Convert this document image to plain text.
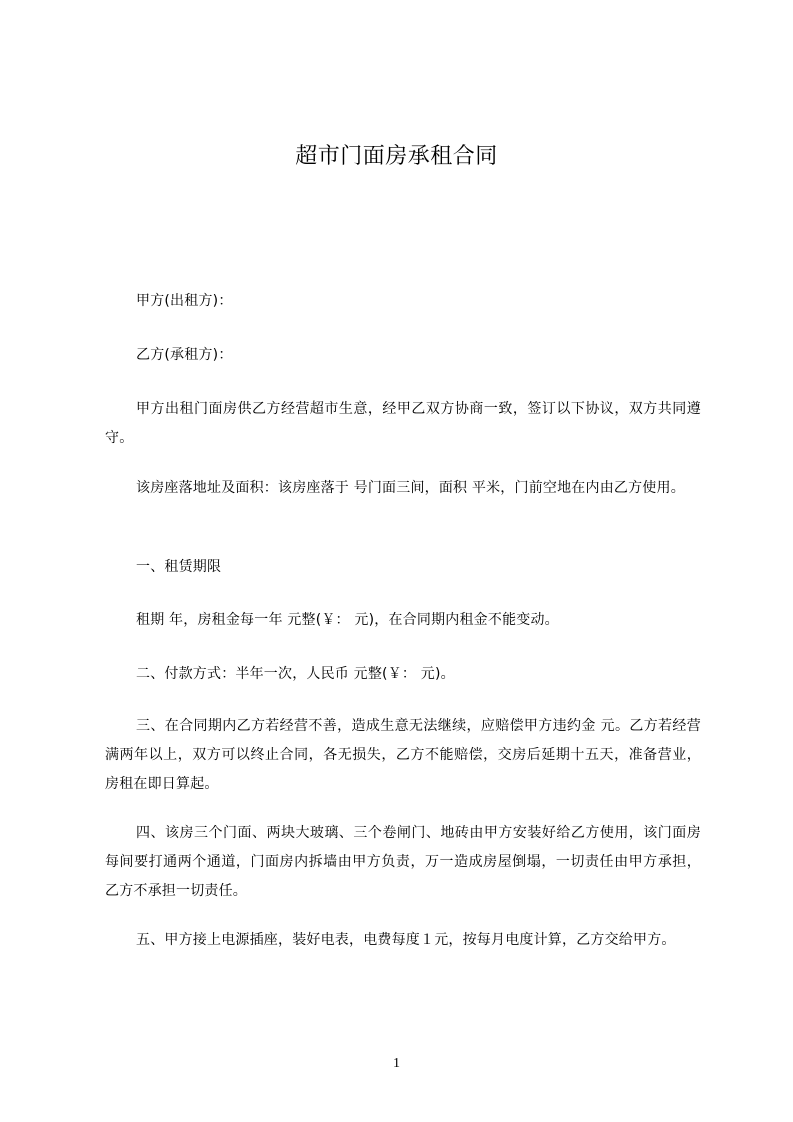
超市门面房承租合同
甲方(出租方)：
乙方(承租方)：
甲方出租门面房供乙方经营超市生意，经甲乙双方协商一致，签订以下协议，双方共同遵守。
该房座落地址及面积：该房座落于 号门面三间，面积 平米，门前空地在内由乙方使用。
一、租赁期限
租期 年，房租金每一年 元整(￥： 元)，在合同期内租金不能变动。
二、付款方式：半年一次，人民币 元整(￥： 元)。
三、在合同期内乙方若经营不善，造成生意无法继续，应赔偿甲方违约金 元。乙方若经营满两年以上，双方可以终止合同，各无损失，乙方不能赔偿，交房后延期十五天，准备营业，房租在即日算起。
四、该房三个门面、两块大玻璃、三个卷闸门、地砖由甲方安装好给乙方使用，该门面房每间要打通两个通道，门面房内拆墙由甲方负责，万一造成房屋倒塌，一切责任由甲方承担，乙方不承担一切责任。
五、甲方接上电源插座，装好电表，电费每度１元，按每月电度计算，乙方交给甲方。
1
